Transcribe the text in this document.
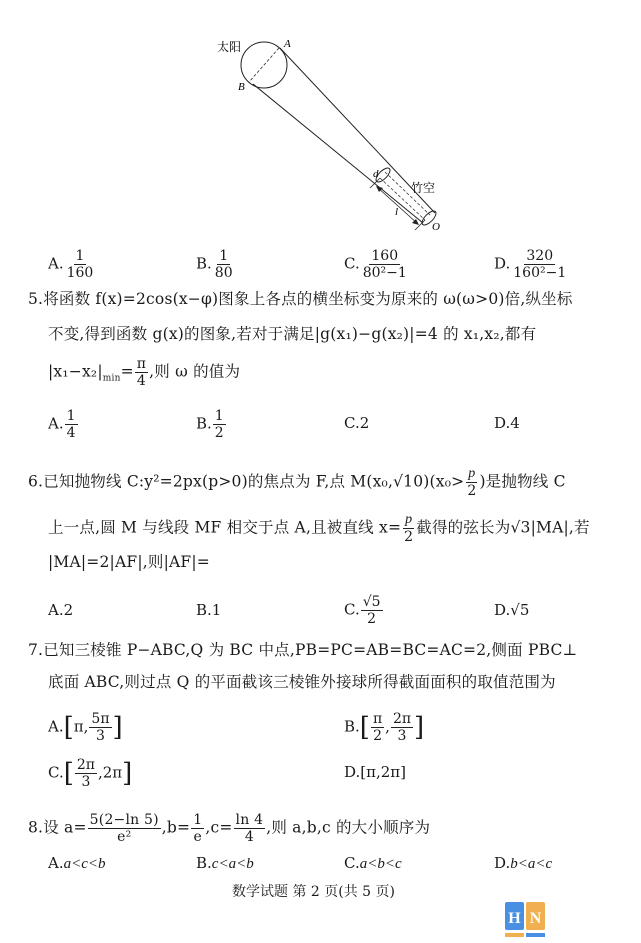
太阳	A
B
d
竹空
l
O
A. $\frac{1}{160}$	B. $\frac{1}{80}$	C. $\frac{160}{\text{80²−1}}$	D. $\frac{320}{\text{160²−1}}$
5.将函数 f(x)=2cos(x−φ)图象上各点的横坐标变为原来的 ω(ω>0)倍,纵坐标
不变,得到函数 g(x)的图象,若对于满足|g(x₁)−g(x₂)|=4 的 x₁,x₂,都有
$|x_1-x_2|_{min}= \frac{\pi}{4}$ ,则 ω 的值为
A. $\frac{1}{4}$	B. $\frac{1}{2}$	C.2	D.4
6.已知抛物线 C:y²=2px(p>0)的焦点为 F,点 $M(x_0,√10)(x_0> \frac{p}{2}$ )是抛物线 C
上一点,圆 M 与线段 MF 相交于点 A,且被直线 $x= \frac{p}{2}$ 截得的弦长为√3|MA|,若
|MA|=2|AF|,则|AF|=
A.2	B.1	C. $\frac{√5}{2}$	D.√5
7.已知三棱锥 P−ABC,Q 为 BC 中点,PB=PC=AB=BC=AC=2,侧面 PBC⊥
底面 ABC,则过点 Q 的平面截该三棱锥外接球所得截面面积的取值范围为
A.[π, $\frac{5\pi}{3}$ ]	$B.[ \frac{\pi}{2}$ , $\frac{2\pi}{3}$ ]
$C.[ \frac{2\pi}{3} ,2\pi]$	D.[π,2π]
8.设 $a= \frac{5(2-\ln 5)}{\text{e²}} ,b= \frac{1}{e} ,c= \frac{\ln 4}{4}$ ,则 a,b,c 的大小顺序为
A.a<c<b	B.c<a<b	C.a<b<c	D.b<a<c
数学试题 第 2 页(共 5 页)
H N
